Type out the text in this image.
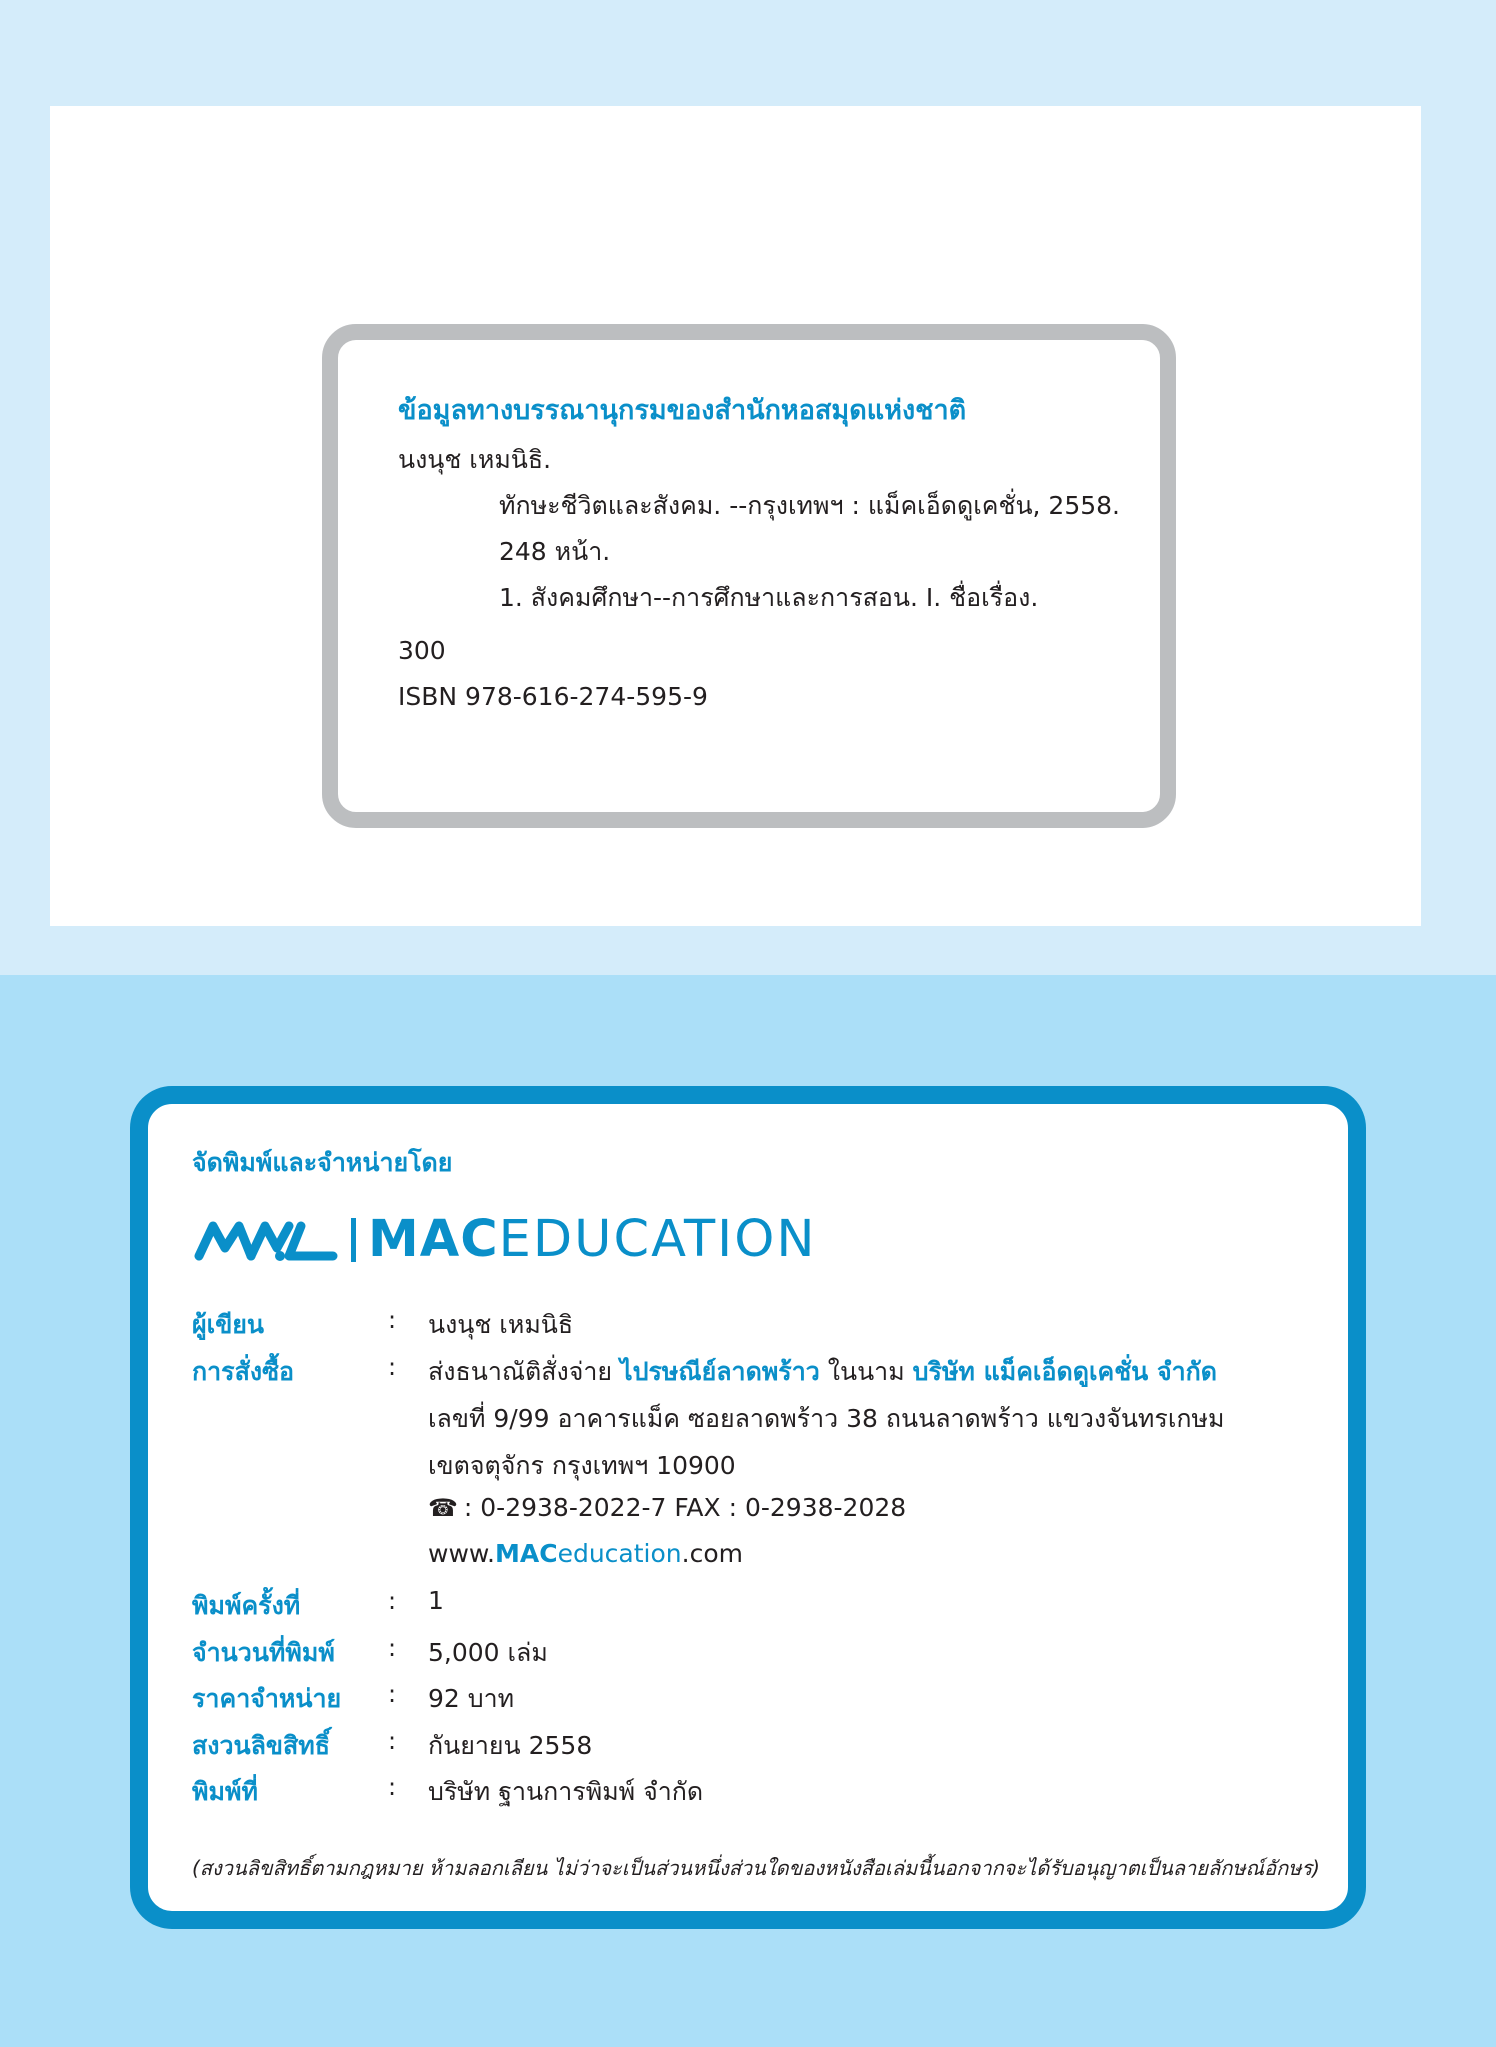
ข้อมูลทางบรรณานุกรมของสำนักหอสมุดแห่งชาติ
นงนุช เหมนิธิ.
ทักษะชีวิตและสังคม. --กรุงเทพฯ : แม็คเอ็ดดูเคชั่น, 2558.
248 หน้า.
1. สังคมศึกษา--การศึกษาและการสอน. I. ชื่อเรื่อง.
300
ISBN 978-616-274-595-9
จัดพิมพ์และจำหน่ายโดย
MACEDUCATION
ผู้เขียน	: นงนุช เหมนิธิ
การสั่งซื้อ	: ส่งธนาณัติสั่งจ่าย ไปรษณีย์ลาดพร้าว ในนาม บริษัท แม็คเอ็ดดูเคชั่น จำกัด
เลขที่ 9/99 อาคารแม็ค ซอยลาดพร้าว 38 ถนนลาดพร้าว แขวงจันทรเกษม
เขตจตุจักร กรุงเทพฯ 10900
☎ : 0-2938-2022-7 FAX : 0-2938-2028
www.MACeducation.com
พิมพ์ครั้งที่	: 1
จำนวนที่พิมพ์ : 5,000 เล่ม
ราคาจำหน่าย : 92 บาท
สงวนลิขสิทธิ์ : กันยายน 2558
พิมพ์ที่	: บริษัท ฐานการพิมพ์ จำกัด
(สงวนลิขสิทธิ์ตามกฎหมาย ห้ามลอกเลียน ไม่ว่าจะเป็นส่วนหนึ่งส่วนใดของหนังสือเล่มนี้นอกจากจะได้รับอนุญาตเป็นลายลักษณ์อักษร)
